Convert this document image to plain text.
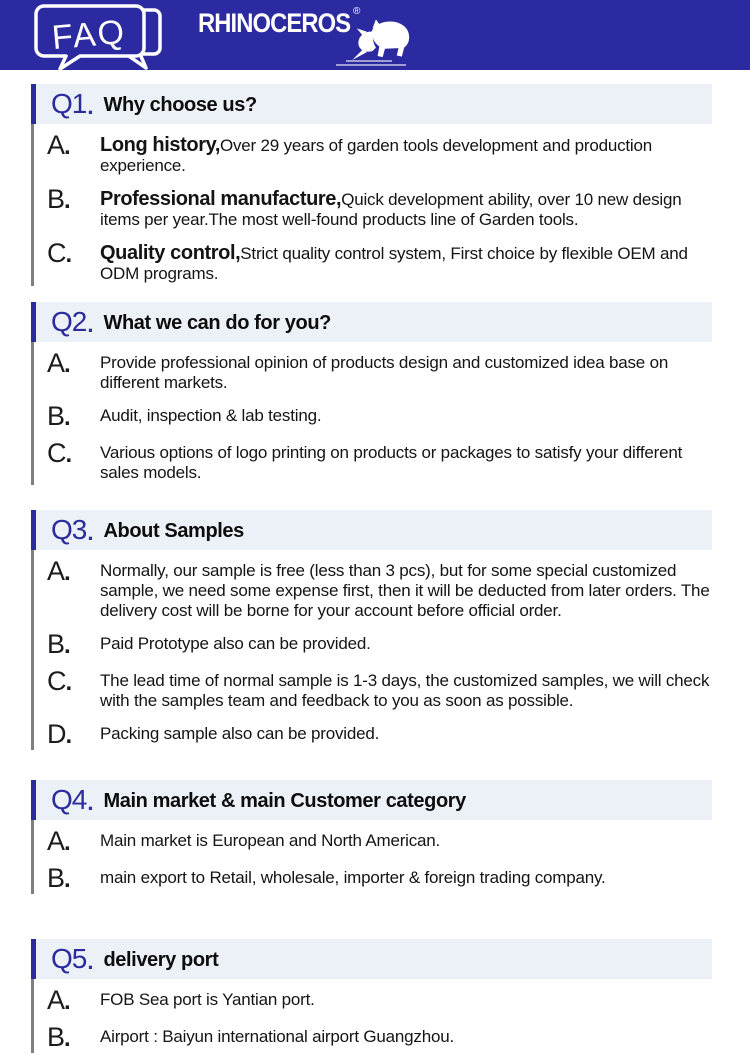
FAQ	RHINOCEROS ®
Q1 . Why choose us?
A.	Long history,Over 29 years of garden tools development and production experience.
B.	Professional manufacture,Quick development ability, over 10 new design items per year.The most well-found products line of Garden tools.
C.	Quality control,Strict quality control system, First choice by flexible OEM and ODM programs.
Q2 . What we can do for you?
A.	Provide professional opinion of products design and customized idea base on different markets.
B.	Audit, inspection & lab testing.
C.	Various options of logo printing on products or packages to satisfy your different sales models.
Q3 . About Samples
A.	Normally, our sample is free (less than 3 pcs), but for some special customized sample, we need some expense first, then it will be deducted from later orders. The delivery cost will be borne for your account before official order.
B.	Paid Prototype also can be provided.
C.	The lead time of normal sample is 1-3 days, the customized samples, we will check with the samples team and feedback to you as soon as possible.
D.	Packing sample also can be provided.
Q4 . Main market & main Customer category
A.	Main market is European and North American.
B.	main export to Retail, wholesale, importer & foreign trading company.
Q5 . delivery port
A.	FOB Sea port is Yantian port.
B.	Airport : Baiyun international airport Guangzhou.
